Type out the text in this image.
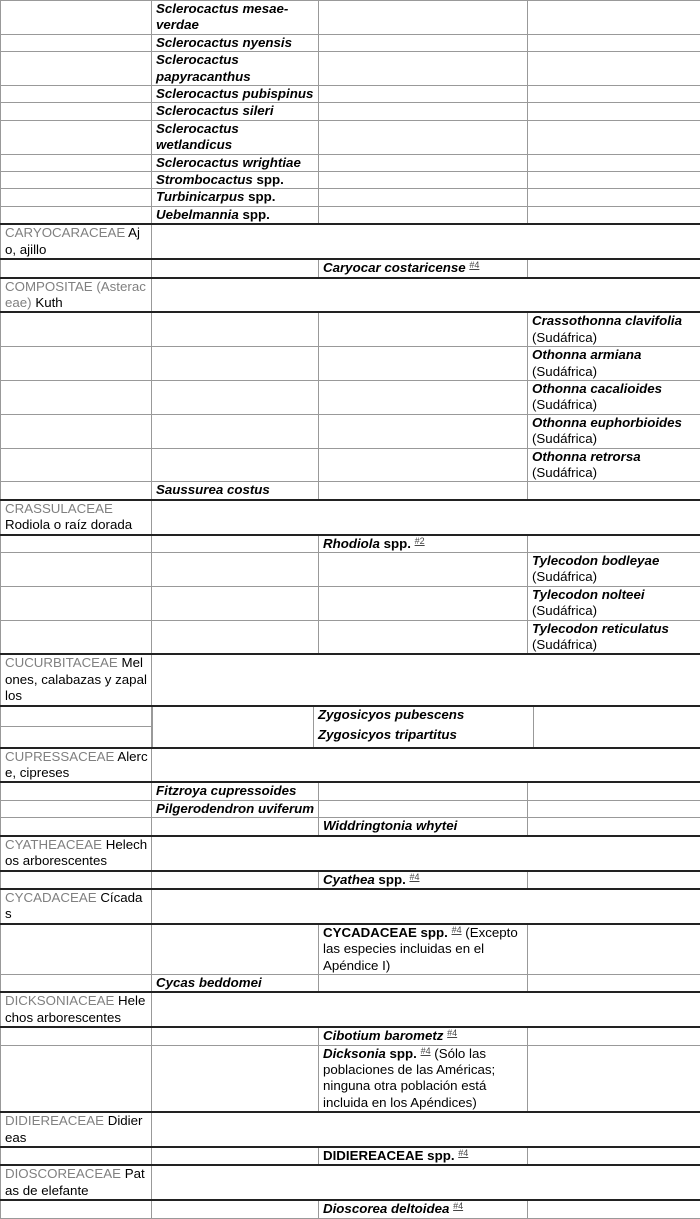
	Sclerocactus mesae-verdae		
	Sclerocactus nyensis		
	Sclerocactus papyracanthus		
	Sclerocactus pubispinus		
	Sclerocactus sileri		
	Sclerocactus wetlandicus		
	Sclerocactus wrightiae		
	Strombocactus spp.		
	Turbinicarpus spp.		
	Uebelmannia spp.		
CARYOCARACEAE Ajo, ajillo	
		Caryocar costaricense $^{\#4}$	
COMPOSITAE (Asteraceae) Kuth	
			Crassothonna clavifolia (Sudáfrica)
			Othonna armiana (Sudáfrica)
			Othonna cacalioides (Sudáfrica)
			Othonna euphorbioides (Sudáfrica)
			Othonna retrorsa (Sudáfrica)
	Saussurea costus		
CRASSULACEAE Rodiola o raíz dorada	
		Rhodiola spp. $^{\#2}$	
			Tylecodon bodleyae (Sudáfrica)
			Tylecodon nolteei (Sudáfrica)
			Tylecodon reticulatus (Sudáfrica)
CUCURBITACEAE Melones, calabazas y zapallos	

	Zygosicyos pubescens	

	Zygosicyos tripartitus	

CUPRESSACEAE Alerce, cipreses	
	Fitzroya cupressoides		
	Pilgerodendron uviferum		
		Widdringtonia whytei	
CYATHEACEAE Helechos arborescentes	
		Cyathea spp. $^{\#4}$	
CYCADACEAE Cícadas	
		CYCADACEAE spp. $^{\#4}$ (Excepto las especies incluidas en el Apéndice I)	
	Cycas beddomei		
DICKSONIACEAE Helechos arborescentes	
		Cibotium barometz $^{\#4}$	
		Dicksonia spp. $^{\#4}$ (Sólo las poblaciones de las Américas; ninguna otra población está incluida en los Apéndices)	
DIDIEREACEAE Didiereas	
		DIDIEREACEAE spp. $^{\#4}$	
DIOSCOREACEAE Patas de elefante	
		Dioscorea deltoidea $^{\#4}$	
